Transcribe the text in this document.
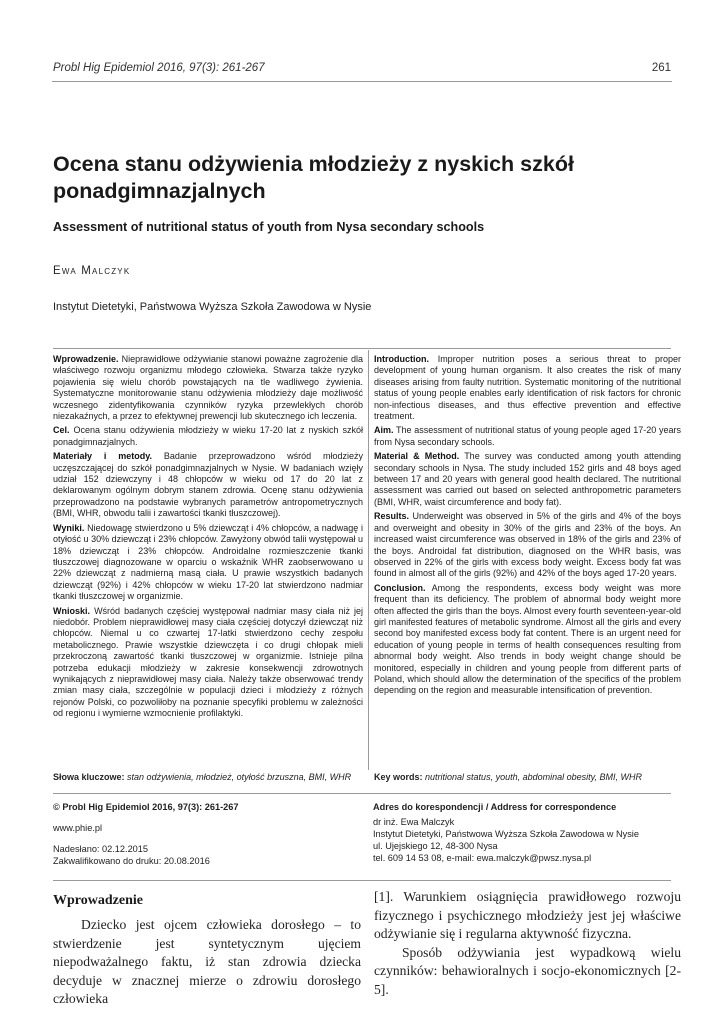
Probl Hig Epidemiol 2016, 97(3): 261-267	261
Ocena stanu odżywienia młodzieży z nyskich szkół
ponadgimnazjalnych
Assessment of nutritional status of youth from Nysa secondary schools
Ewa Malczyk
Instytut Dietetyki, Państwowa Wyższa Szkoła Zawodowa w Nysie

Wprowadzenie. Nieprawidłowe odżywianie stanowi poważne zagrożenie dla właściwego rozwoju organizmu młodego człowieka. Stwarza także ryzyko pojawienia się wielu chorób powstających na tle wadliwego żywienia. Systematyczne monitorowanie stanu odżywienia młodzieży daje możliwość wczesnego zidentyfikowania czynników ryzyka przewlekłych chorób niezakaźnych, a przez to efektywnej prewencji lub skutecznego ich leczenia.

Cel. Ocena stanu odżywienia młodzieży w wieku 17-20 lat z nyskich szkół ponadgimnazjalnych.

Materiały i metody. Badanie przeprowadzono wśród młodzieży uczęszczającej do szkół ponadgimnazjalnych w Nysie. W badaniach wzięły udział 152 dziewczyny i 48 chłopców w wieku od 17 do 20 lat z deklarowanym ogólnym dobrym stanem zdrowia. Ocenę stanu odżywienia przeprowadzono na podstawie wybranych parametrów antropometrycznych (BMI, WHR, obwodu talii i zawartości tkanki tłuszczowej).

Wyniki. Niedowagę stwierdzono u 5% dziewcząt i 4% chłopców, a nadwagę i otyłość u 30% dziewcząt i 23% chłopców. Zawyżony obwód talii występował u 18% dziewcząt i 23% chłopców. Androidalne rozmieszczenie tkanki tłuszczowej diagnozowane w oparciu o wskaźnik WHR zaobserwowano u 22% dziewcząt z nadmierną masą ciała. U prawie wszystkich badanych dziewcząt (92%) i 42% chłopców w wieku 17-20 lat stwierdzono nadmiar tkanki tłuszczowej w organizmie.

Wnioski. Wśród badanych częściej występował nadmiar masy ciała niż jej niedobór. Problem nieprawidłowej masy ciała częściej dotyczył dziewcząt niż chłopców. Niemal u co czwartej 17-latki stwierdzono cechy zespołu metabolicznego. Prawie wszystkie dziewczęta i co drugi chłopak mieli przekroczoną zawartość tkanki tłuszczowej w organizmie. Istnieje pilna potrzeba edukacji młodzieży w zakresie konsekwencji zdrowotnych wynikających z nieprawidłowej masy ciała. Należy także obserwować trendy zmian masy ciała, szczególnie w populacji dzieci i młodzieży z różnych rejonów Polski, co pozwoliłoby na poznanie specyfiki problemu w zależności od regionu i wymierne wzmocnienie profilaktyki.

Introduction. Improper nutrition poses a serious threat to proper development of young human organism. It also creates the risk of many diseases arising from faulty nutrition. Systematic monitoring of the nutritional status of young people enables early identification of risk factors for chronic non-infectious diseases, and thus effective prevention and effective treatment.

Aim. The assessment of nutritional status of young people aged 17-20 years from Nysa secondary schools.

Material & Method. The survey was conducted among youth attending secondary schools in Nysa. The study included 152 girls and 48 boys aged between 17 and 20 years with general good health declared. The nutritional assessment was carried out based on selected anthropometric parameters (BMI, WHR, waist circumference and body fat).

Results. Underweight was observed in 5% of the girls and 4% of the boys and overweight and obesity in 30% of the girls and 23% of the boys. An increased waist circumference was observed in 18% of the girls and 23% of the boys. Androidal fat distribution, diagnosed on the WHR basis, was observed in 22% of the girls with excess body weight. Excess body fat was found in almost all of the girls (92%) and 42% of the boys aged 17-20 years.

Conclusion. Among the respondents, excess body weight was more frequent than its deficiency. The problem of abnormal body weight more often affected the girls than the boys. Almost every fourth seventeen-year-old girl manifested features of metabolic syndrome. Almost all the girls and every second boy manifested excess body fat content. There is an urgent need for education of young people in terms of health consequences resulting from abnormal body weight. Also trends in body weight change should be monitored, especially in children and young people from different parts of Poland, which should allow the determination of the specifics of the problem depending on the region and measurable intensification of prevention.

Słowa kluczowe: stan odżywienia, młodzież, otyłość brzuszna, BMI, WHR	Key words: nutritional status, youth, abdominal obesity, BMI, WHR
© Probl Hig Epidemiol 2016, 97(3): 261-267
www.phie.pl
Nadesłano: 02.12.2015
Zakwalifikowano do druku: 20.08.2016
Adres do korespondencji / Address for correspondence
dr inż. Ewa Malczyk
Instytut Dietetyki, Państwowa Wyższa Szkoła Zawodowa w Nysie
ul. Ujejskiego 12, 48-300 Nysa
tel. 609 14 53 08, e-mail: ewa.malczyk@pwsz.nysa.pl
Wprowadzenie

Dziecko jest ojcem człowieka dorosłego – to stwierdzenie jest syntetycznym ujęciem niepodważalnego faktu, iż stan zdrowia dziecka decyduje w znacznej mierze o zdrowiu dorosłego człowieka

[1]. Warunkiem osiągnięcia prawidłowego rozwoju fizycznego i psychicznego młodzieży jest jej właściwe odżywianie się i regularna aktywność fizyczna.

Sposób odżywiania jest wypadkową wielu czynników: behawioralnych i socjo-ekonomicznych [2-5].
